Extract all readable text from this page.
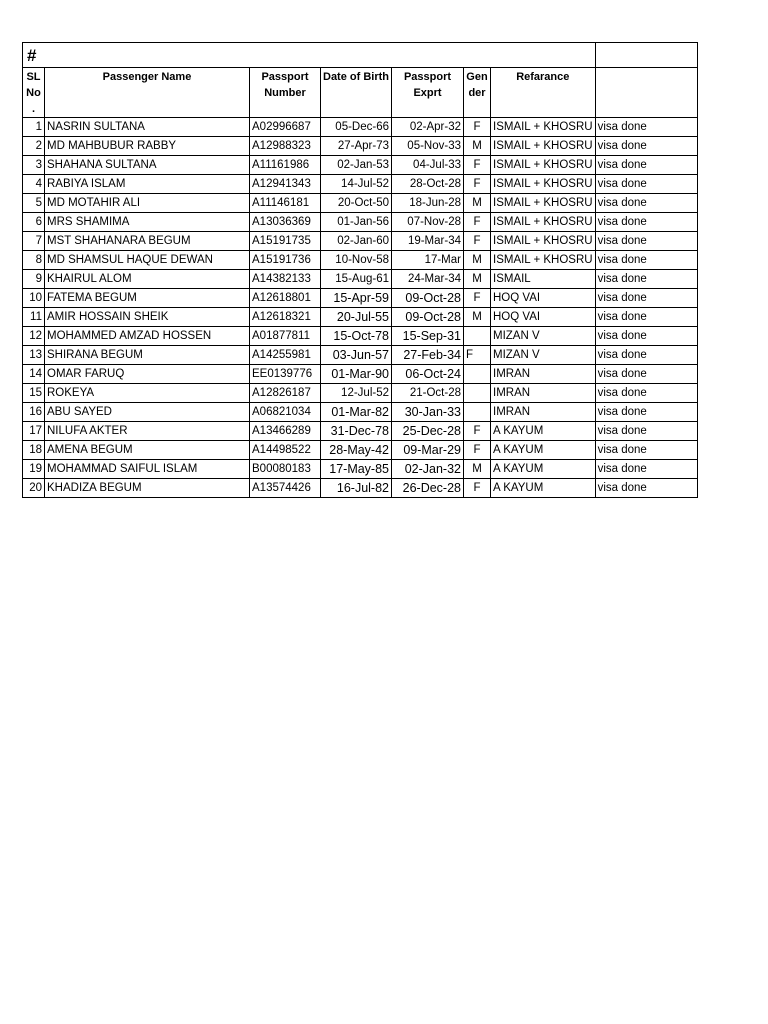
#							
SL No .	Passenger Name	Passport Number	Date of Birth	Passport Exprt	Gen der	Refarance	
1	NASRIN SULTANA	A02996687	05-Dec-66	02-Apr-32	F	ISMAIL + KHOSRU	visa done
2	MD MAHBUBUR RABBY	A12988323	27-Apr-73	05-Nov-33	M	ISMAIL + KHOSRU	visa done
3	SHAHANA SULTANA	A11161986	02-Jan-53	04-Jul-33	F	ISMAIL + KHOSRU	visa done
4	RABIYA ISLAM	A12941343	14-Jul-52	28-Oct-28	F	ISMAIL + KHOSRU	visa done
5	MD MOTAHIR ALI	A11146181	20-Oct-50	18-Jun-28	M	ISMAIL + KHOSRU	visa done
6	MRS SHAMIMA	A13036369	01-Jan-56	07-Nov-28	F	ISMAIL + KHOSRU	visa done
7	MST SHAHANARA BEGUM	A15191735	02-Jan-60	19-Mar-34	F	ISMAIL + KHOSRU	visa done
8	MD SHAMSUL HAQUE DEWAN	A15191736	10-Nov-58	17-Mar	M	ISMAIL + KHOSRU	visa done
9	KHAIRUL ALOM	A14382133	15-Aug-61	24-Mar-34	M	ISMAIL	visa done
10	FATEMA BEGUM	A12618801	15-Apr-59	09-Oct-28	F	HOQ VAI	visa done
11	AMIR HOSSAIN SHEIK	A12618321	20-Jul-55	09-Oct-28	M	HOQ VAI	visa done
12	MOHAMMED AMZAD HOSSEN	A01877811	15-Oct-78	15-Sep-31		MIZAN V	visa done
13	SHIRANA BEGUM	A14255981	03-Jun-57	27-Feb-34	F	MIZAN V	visa done
14	OMAR FARUQ	EE0139776	01-Mar-90	06-Oct-24		IMRAN	visa done
15	ROKEYA	A12826187	12-Jul-52	21-Oct-28		IMRAN	visa done
16	ABU SAYED	A06821034	01-Mar-82	30-Jan-33		IMRAN	visa done
17	NILUFA AKTER	A13466289	31-Dec-78	25-Dec-28	F	A KAYUM	visa done
18	AMENA BEGUM	A14498522	28-May-42	09-Mar-29	F	A KAYUM	visa done
19	MOHAMMAD SAIFUL ISLAM	B00080183	17-May-85	02-Jan-32	M	A KAYUM	visa done
20	KHADIZA BEGUM	A13574426	16-Jul-82	26-Dec-28	F	A KAYUM	visa done
